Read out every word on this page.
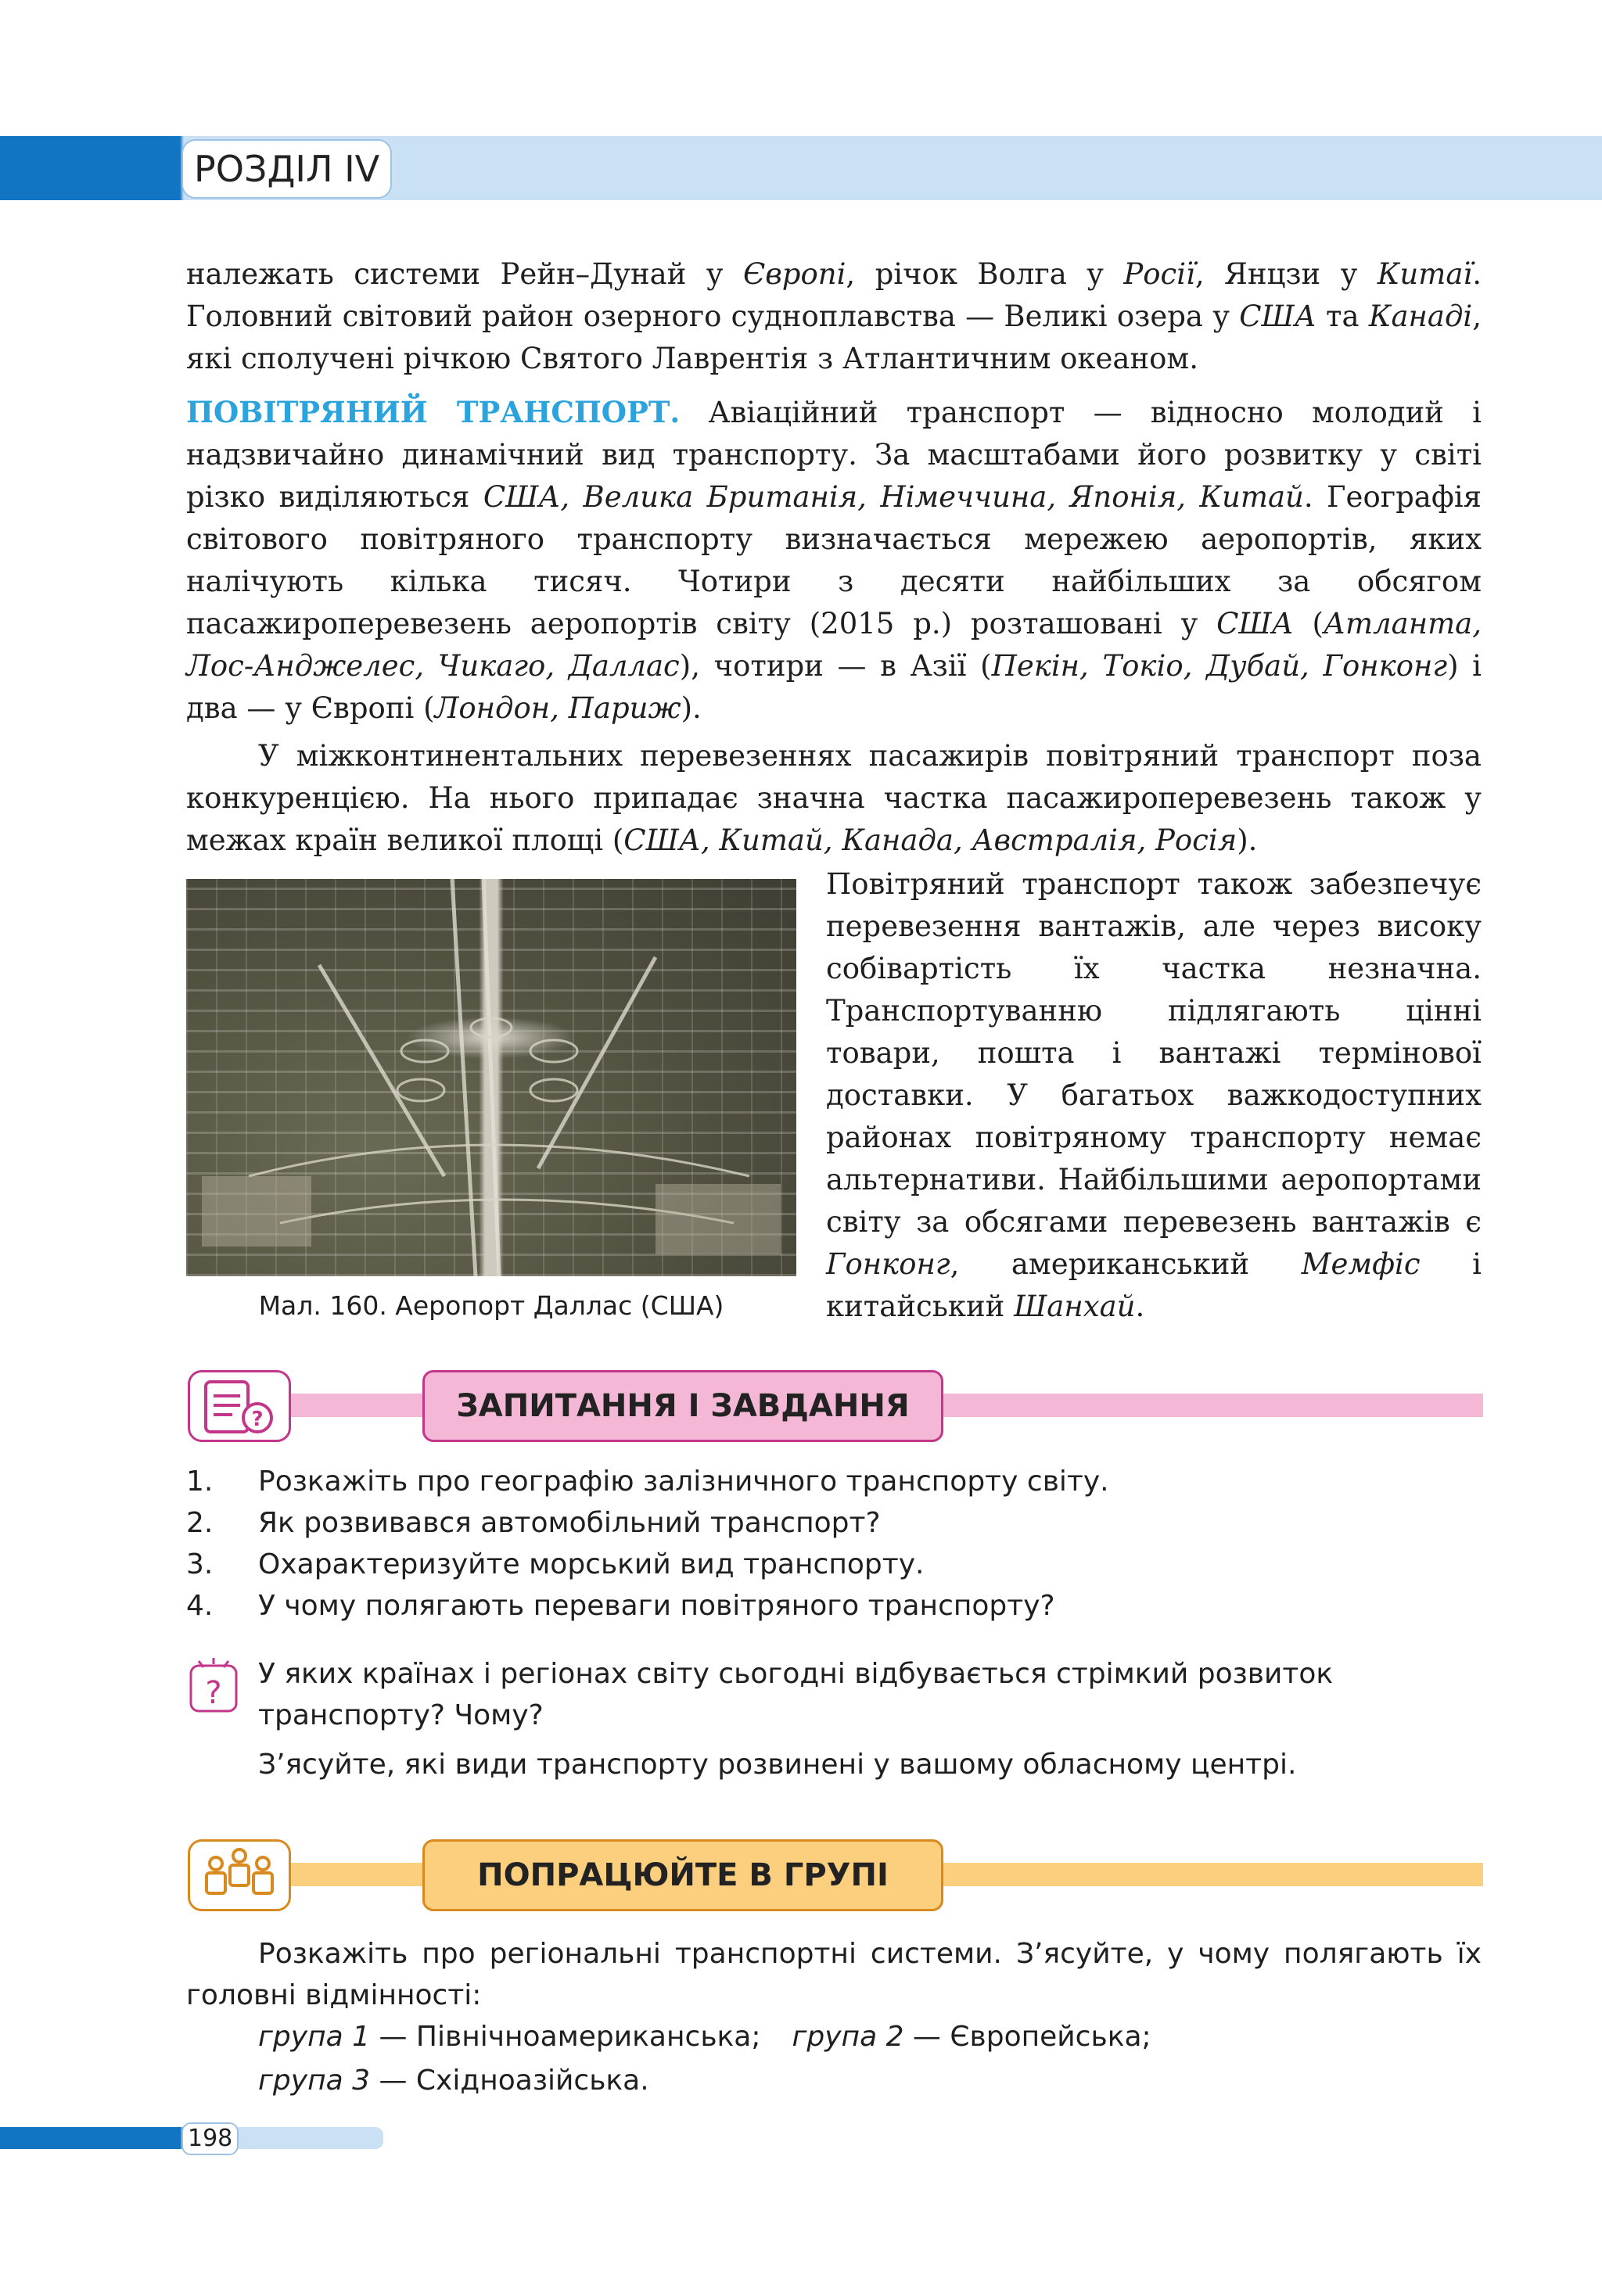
РОЗДІЛ IV

належать системи Рейн–Дунай у Європі, річок Волга у Росії, Янцзи у Китаї. Головний світовий район озерного судноплавства — Великі озера у США та Канаді, які сполучені річкою Святого Лаврентія з Атлантичним океаном.

ПОВІТРЯНИЙ ТРАНСПОРТ. Авіаційний транспорт — відносно молодий і надзвичайно динамічний вид транспорту. За масштабами його розвитку у світі різко виділяються США, Велика Британія, Німеччина, Японія, Китай. Географія світового повітряного транспорту визначається мережею аеропортів, яких налічують кілька тисяч. Чотири з десяти найбільших за обсягом пасажироперевезень аеропортів світу (2015 р.) розташовані у США (Атланта, Лос-Анджелес, Чикаго, Даллас), чотири — в Азії (Пекін, Токіо, Дубай, Гонконг) і два — у Європі (Лондон, Париж).

У міжконтинентальних перевезеннях пасажирів повітряний транспорт поза конкуренцією. На нього припадає значна частка пасажироперевезень також у межах країн великої площі (США, Китай, Канада, Австралія, Росія).

Мал. 160. Аеропорт Даллас (США)

Повітряний транспорт також забезпечує перевезення вантажів, але через високу собівартість їх частка незначна. Транспортуванню підлягають цінні товари, пошта і вантажі термінової доставки. У багатьох важкодоступних районах повітряному транспорту немає альтернативи. Найбільшими аеропортами світу за обсягами перевезень вантажів є Гонконг, американський Мемфіс і китайський Шанхай.

?	ЗАПИТАННЯ І ЗАВДАННЯ
1. Розкажіть про географію залізничного транспорту світу.
2. Як розвивався автомобільний транспорт?
3. Охарактеризуйте морський вид транспорту.
4. У чому полягають переваги повітряного транспорту?
?

У яких країнах і регіонах світу сьогодні відбувається стрімкий розвиток транспорту? Чому?

З’ясуйте, які види транспорту розвинені у вашому обласному центрі.

ПОПРАЦЮЙТЕ В ГРУПІ

Розкажіть про регіональні транспортні системи. З’ясуйте, у чому полягають їх головні відмінності:

група 1 — Північноамериканська; група 2 — Європейська;

група 3 — Східноазійська.

198
